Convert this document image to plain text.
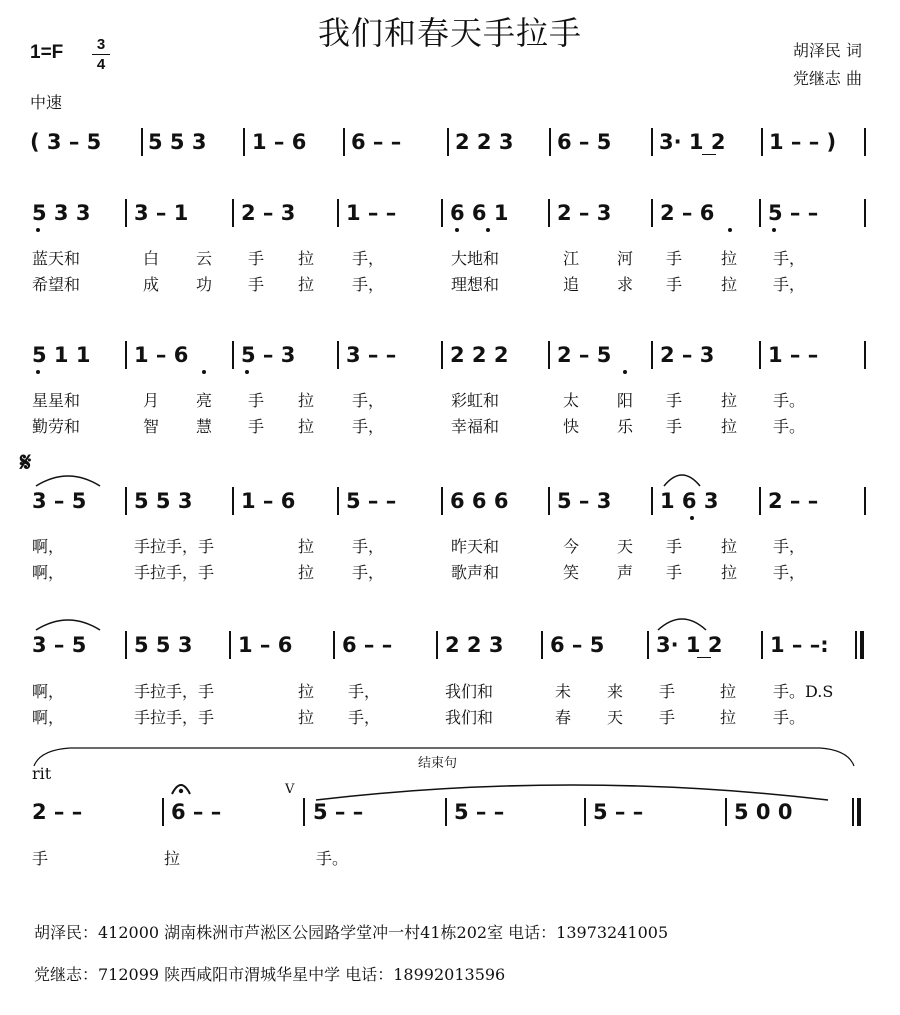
我们和春天手拉手
1=F	3
4
中速
胡泽民 词
党继志 曲
( 3 – 5 5 5 3 1 – 6 6 – –	2 2 3 6 – 5 3· 1 2 1 – – )
5 3 3 3 – 1	2 – 3 1 – –	6 6 1 2 – 3 2 – 6	5 – –
蓝天和	白 云 手 拉 手，	大地和	江 河 手 拉 手，
希望和	成 功 手 拉 手，	理想和	追 求 手 拉 手，
5 1 1 1 – 6	5 – 3 3 – –	2 2 2 2 – 5 2 – 3	1 – –
星星和	月 亮 手 拉 手，	彩虹和	太 阳 手 拉 手。
勤劳和	智 慧 手 拉 手，	幸福和	快 乐 手 拉 手。
𝄋
3 – 5 5 5 3 1 – 6 5 – –	6 6 6 5 – 3 1 6 3 2 – –
啊，	手拉手，手	拉 手，	昨天和	今 天 手 拉 手，
啊，	手拉手，手	拉 手，	歌声和	笑 声 手 拉 手，
3 – 5 5 5 3 1 – 6 6 – –	2 2 3 6 – 5 3· 1 2 1 – –:
啊，	手拉手，手	拉 手，	我们和	未 来 手	拉 手。D.S
啊，	手拉手，手	拉 手，	我们和	春 天 手	拉 手。
结束句
rit
V
2 – –	6 – –	5 – –	5 – –	5 – –	5 0 0
手	拉	手。
胡泽民：412000 湖南株洲市芦淞区公园路学堂冲一村41栋202室 电话：13973241005
党继志：712099 陕西咸阳市渭城华星中学 电话：18992013596
